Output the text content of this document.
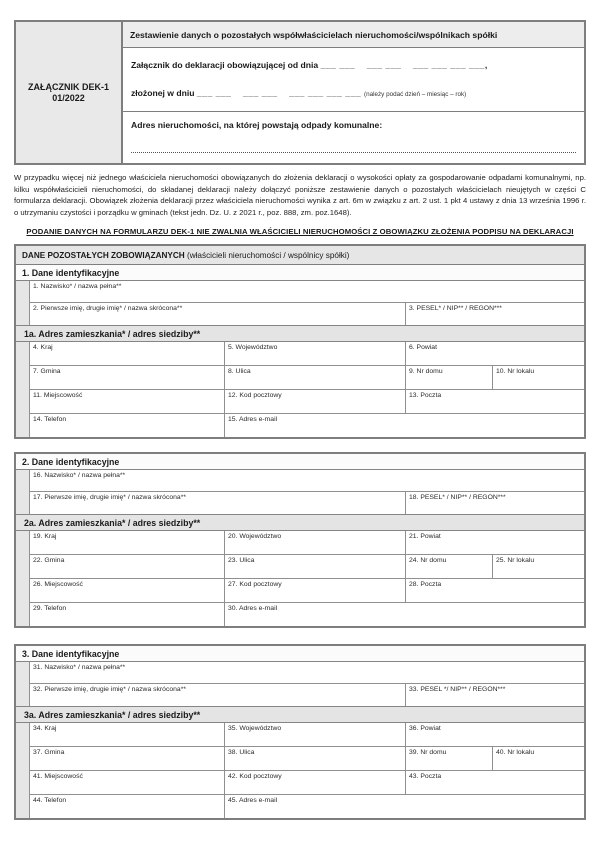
ZAŁĄCZNIK DEK-1
01/2022
Zestawienie danych o pozostałych współwłaścicielach nieruchomości/wspólnikach spółki
Załącznik do deklaracji obowiązującej od dnia ___ ___    ___ ___    ___ ___ ___ ___,
złożonej w dniu ___ ___    ___ ___    ___ ___ ___ ___ (należy podać dzień – miesiąc – rok)
Adres nieruchomości, na której powstają odpady komunalne:
W przypadku więcej niż jednego właściciela nieruchomości obowiązanych do złożenia deklaracji o wysokości opłaty za gospodarowanie odpadami komunalnymi, np. kilku współwłaścicieli nieruchomości, do składanej deklaracji należy dołączyć poniższe zestawienie danych o pozostałych właścicielach nieujętych w części C formularza deklaracji. Obowiązek złożenia deklaracji przez właściciela nieruchomości wynika z art. 6m w związku z art. 2 ust. 1 pkt 4 ustawy z dnia 13 września 1996 r. o utrzymaniu czystości i porządku w gminach (tekst jedn. Dz. U. z 2021 r., poz. 888, zm. poz.1648).
PODANIE DANYCH NA FORMULARZU DEK-1 NIE ZWALNIA WŁAŚCICIELI NIERUCHOMOŚCI Z OBOWIĄZKU ZŁOŻENIA PODPISU NA DEKLARACJI
DANE POZOSTAŁYCH ZOBOWIĄZANYCH (właścicieli nieruchomości / wspólnicy spółki)
1. Dane identyfikacyjne
1. Nazwisko* / nazwa pełna**
2. Pierwsze imię, drugie imię* / nazwa skrócona**	3. PESEL* / NIP** / REGON***
1a. Adres zamieszkania* / adres siedziby**
4. Kraj	5. Województwo	6. Powiat
7. Gmina	8. Ulica	9. Nr domu	10. Nr lokalu
11. Miejscowość	12. Kod pocztowy	13. Poczta
14. Telefon	15. Adres e-mail
2. Dane identyfikacyjne
16. Nazwisko* / nazwa pełna**
17. Pierwsze imię, drugie imię* / nazwa skrócona**	18. PESEL* / NIP** / REGON***
2a. Adres zamieszkania* / adres siedziby**
19. Kraj	20. Województwo	21. Powiat
22. Gmina	23. Ulica	24. Nr domu	25. Nr lokalu
26. Miejscowość	27. Kod pocztowy	28. Poczta
29. Telefon	30. Adres e-mail
3. Dane identyfikacyjne
31. Nazwisko* / nazwa pełna**
32. Pierwsze imię, drugie imię* / nazwa skrócona**	33. PESEL */ NIP** / REGON***
3a. Adres zamieszkania* / adres siedziby**
34. Kraj	35. Województwo	36. Powiat
37. Gmina	38. Ulica	39. Nr domu	40. Nr lokalu
41. Miejscowość	42. Kod pocztowy	43. Poczta
44. Telefon	45. Adres e-mail
